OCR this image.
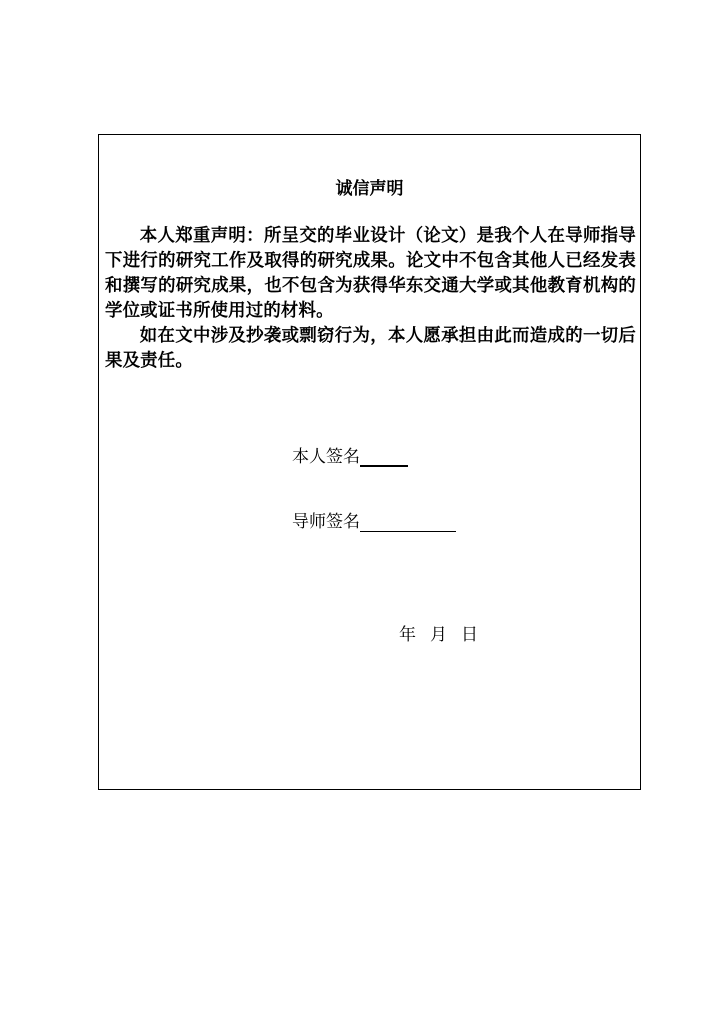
诚信声明

本人郑重声明：所呈交的毕业设计（论文）是我个人在导师指导下进行的研究工作及取得的研究成果。论文中不包含其他人已经发表和撰写的研究成果，也不包含为获得华东交通大学或其他教育机构的学位或证书所使用过的材料。

如在文中涉及抄袭或剽窃行为，本人愿承担由此而造成的一切后果及责任。

本人签名
导师签名
年 月 日
